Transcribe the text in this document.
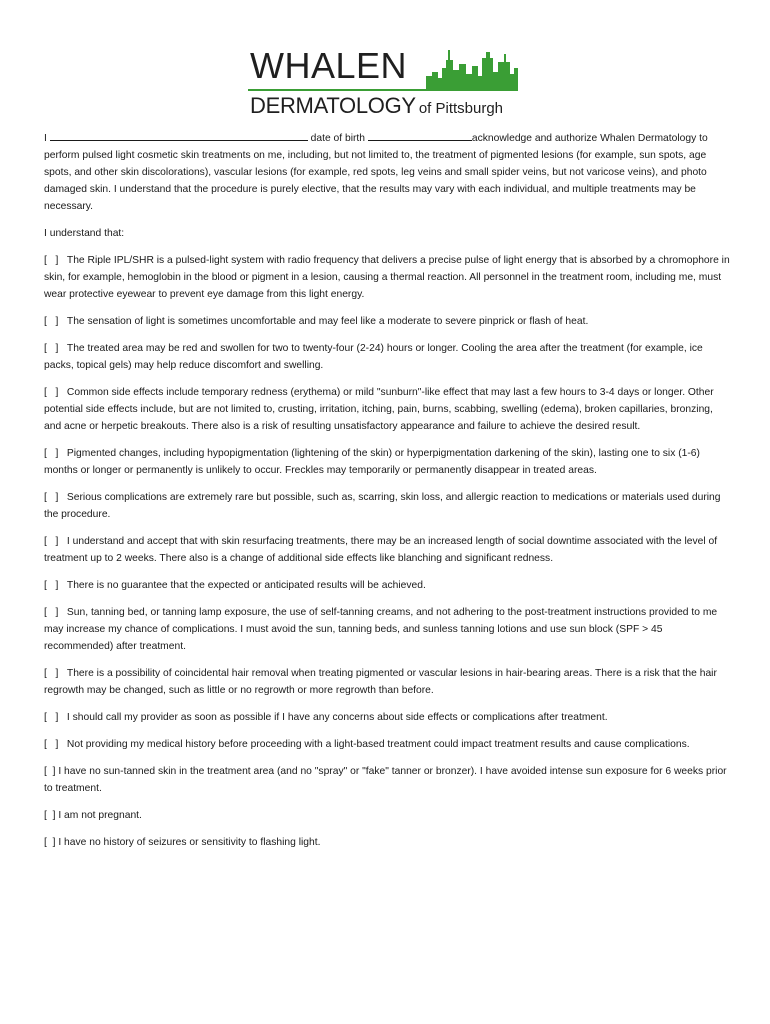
WHALEN
DERMATOLOGY of Pittsburgh

I	date of birth	acknowledge and authorize Whalen Dermatology to perform pulsed light cosmetic skin treatments on me, including, but not limited to, the treatment of pigmented lesions (for example, sun spots, age spots, and other skin discolorations), vascular lesions (for example, red spots, leg veins and small spider veins, but not varicose veins), and photo damaged skin. I understand that the procedure is purely elective, that the results may vary with each individual, and multiple treatments may be necessary.

I understand that:

[   ] The Riple IPL/SHR is a pulsed-light system with radio frequency that delivers a precise pulse of light energy that is absorbed by a chromophore in skin, for example, hemoglobin in the blood or pigment in a lesion, causing a thermal reaction. All personnel in the treatment room, including me, must wear protective eyewear to prevent eye damage from this light energy.

[   ] The sensation of light is sometimes uncomfortable and may feel like a moderate to severe pinprick or flash of heat.

[   ] The treated area may be red and swollen for two to twenty-four (2-24) hours or longer. Cooling the area after the treatment (for example, ice packs, topical gels) may help reduce discomfort and swelling.

[   ] Common side effects include temporary redness (erythema) or mild "sunburn"-like effect that may last a few hours to 3-4 days or longer. Other potential side effects include, but are not limited to, crusting, irritation, itching, pain, burns, scabbing, swelling (edema), broken capillaries, bronzing, and acne or herpetic breakouts. There also is a risk of resulting unsatisfactory appearance and failure to achieve the desired result.

[   ] Pigmented changes, including hypopigmentation (lightening of the skin) or hyperpigmentation darkening of the skin), lasting one to six (1-6) months or longer or permanently is unlikely to occur. Freckles may temporarily or permanently disappear in treated areas.

[   ] Serious complications are extremely rare but possible, such as, scarring, skin loss, and allergic reaction to medications or materials used during the procedure.

[   ] I understand and accept that with skin resurfacing treatments, there may be an increased length of social downtime associated with the level of treatment up to 2 weeks. There also is a change of additional side effects like blanching and significant redness.

[   ] There is no guarantee that the expected or anticipated results will be achieved.

[   ] Sun, tanning bed, or tanning lamp exposure, the use of self-tanning creams, and not adhering to the post-treatment instructions provided to me may increase my chance of complications. I must avoid the sun, tanning beds, and sunless tanning lotions and use sun block (SPF > 45 recommended) after treatment.

[   ] There is a possibility of coincidental hair removal when treating pigmented or vascular lesions in hair-bearing areas. There is a risk that the hair regrowth may be changed, such as little or no regrowth or more regrowth than before.

[   ] I should call my provider as soon as possible if I have any concerns about side effects or complications after treatment.

[   ] Not providing my medical history before proceeding with a light-based treatment could impact treatment results and cause complications.

[  ] I have no sun-tanned skin in the treatment area (and no "spray" or "fake" tanner or bronzer). I have avoided intense sun exposure for 6 weeks prior to treatment.

[  ] I am not pregnant.

[  ] I have no history of seizures or sensitivity to flashing light.
